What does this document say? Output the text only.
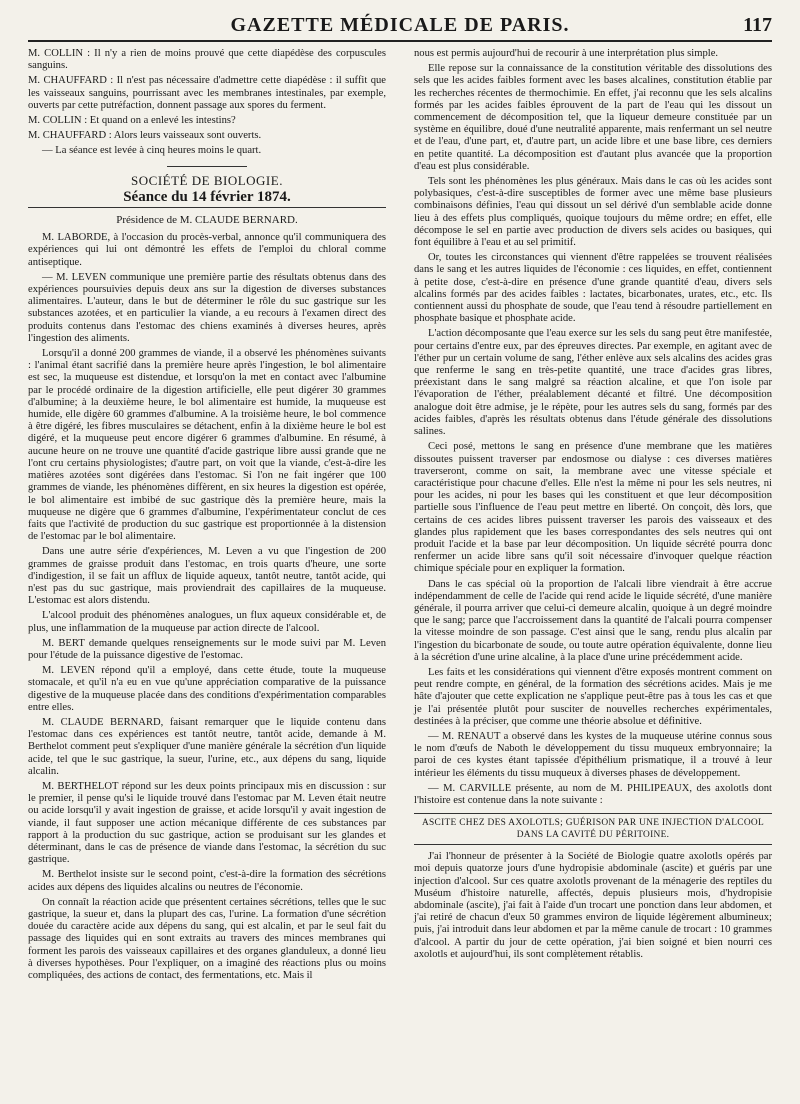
GAZETTE MÉDICALE DE PARIS.	117

M. COLLIN : Il n'y a rien de moins prouvé que cette diapédèse des corpuscules sanguins.

M. CHAUFFARD : Il n'est pas nécessaire d'admettre cette diapédèse : il suffit que les vaisseaux sanguins, pourrissant avec les membranes intestinales, par exemple, ouverts par cette putréfaction, donnent passage aux spores du ferment.

M. COLLIN : Et quand on a enlevé les intestins?

M. CHAUFFARD : Alors leurs vaisseaux sont ouverts.

— La séance est levée à cinq heures moins le quart.

SOCIÉTÉ DE BIOLOGIE.
Séance du 14 février 1874.
Présidence de M. CLAUDE BERNARD.

M. LABORDE, à l'occasion du procès-verbal, annonce qu'il communiquera des expériences qui lui ont démontré les effets de l'emploi du chloral comme antiseptique.

— M. LEVEN communique une première partie des résultats obtenus dans des expériences poursuivies depuis deux ans sur la digestion de diverses substances alimentaires. L'auteur, dans le but de déterminer le rôle du suc gastrique sur les substances azotées, et en particulier la viande, a eu recours à l'examen direct des produits contenus dans l'estomac des chiens examinés à diverses heures, après l'ingestion des aliments.

Lorsqu'il a donné 200 grammes de viande, il a observé les phénomènes suivants : l'animal étant sacrifié dans la première heure après l'ingestion, le bol alimentaire est sec, la muqueuse est distendue, et lorsqu'on la met en contact avec l'albumine par le procédé ordinaire de la digestion artificielle, elle peut digérer 30 grammes d'albumine; à la deuxième heure, le bol alimentaire est humide, la muqueuse est humide, elle digère 60 grammes d'albumine. A la troisième heure, le bol commence à être digéré, les fibres musculaires se détachent, enfin à la dixième heure le bol est digéré, et la muqueuse peut encore digérer 6 grammes d'albumine. En résumé, à aucune heure on ne trouve une quantité d'acide gastrique libre aussi grande que ne l'ont cru certains physiologistes; d'autre part, on voit que la viande, c'est-à-dire les matières azotées sont digérées dans l'estomac. Si l'on ne fait ingérer que 100 grammes de viande, les phénomènes diffèrent, en six heures la digestion est opérée, le bol alimentaire est imbibé de suc gastrique dès la première heure, mais la muqueuse ne digère que 6 grammes d'albumine, l'expérimentateur conclut de ces faits que l'activité de production du suc gastrique est proportionnée à la distension de l'estomac par le bol alimentaire.

Dans une autre série d'expériences, M. Leven a vu que l'ingestion de 200 grammes de graisse produit dans l'estomac, en trois quarts d'heure, une sorte d'indigestion, il se fait un afflux de liquide aqueux, tantôt neutre, tantôt acide, qui n'est pas du suc gastrique, mais proviendrait des capillaires de la muqueuse. L'estomac est alors distendu.

L'alcool produit des phénomènes analogues, un flux aqueux considérable et, de plus, une inflammation de la muqueuse par action directe de l'alcool.

M. BERT demande quelques renseignements sur le mode suivi par M. Leven pour l'étude de la puissance digestive de l'estomac.

M. LEVEN répond qu'il a employé, dans cette étude, toute la muqueuse stomacale, et qu'il n'a eu en vue qu'une appréciation comparative de la puissance digestive de la muqueuse placée dans des conditions d'expérimentation comparables entre elles.

M. CLAUDE BERNARD, faisant remarquer que le liquide contenu dans l'estomac dans ces expériences est tantôt neutre, tantôt acide, demande à M. Berthelot comment peut s'expliquer d'une manière générale la sécrétion d'un liquide acide, tel que le suc gastrique, la sueur, l'urine, etc., aux dépens du sang, liquide alcalin.

M. BERTHELOT répond sur les deux points principaux mis en discussion : sur le premier, il pense qu'si le liquide trouvé dans l'estomac par M. Leven était neutre ou acide lorsqu'il y avait ingestion de graisse, et acide lorsqu'il y avait ingestion de viande, il faut supposer une action mécanique différente de ces substances par rapport à la production du suc gastrique, action se produisant sur les glandes et déterminant, dans le cas de présence de viande dans l'estomac, la sécrétion du suc gastrique.

M. Berthelot insiste sur le second point, c'est-à-dire la formation des sécrétions acides aux dépens des liquides alcalins ou neutres de l'économie.

On connaît la réaction acide que présentent certaines sécrétions, telles que le suc gastrique, la sueur et, dans la plupart des cas, l'urine. La formation d'une sécrétion douée du caractère acide aux dépens du sang, qui est alcalin, et par le seul fait du passage des liquides qui en sont extraits au travers des minces membranes qui forment les parois des vaisseaux capillaires et des organes glanduleux, a donné lieu à diverses hypothèses. Pour l'expliquer, on a imaginé des réactions plus ou moins compliquées, des actions de contact, des fermentations, etc. Mais il

nous est permis aujourd'hui de recourir à une interprétation plus simple.

Elle repose sur la connaissance de la constitution véritable des dissolutions des sels que les acides faibles forment avec les bases alcalines, constitution établie par les recherches récentes de thermochimie. En effet, j'ai reconnu que les sels alcalins formés par les acides faibles éprouvent de la part de l'eau qui les dissout un commencement de décomposition tel, que la liqueur demeure constituée par un système en équilibre, doué d'une neutralité apparente, mais renfermant un sel neutre et de l'eau, d'une part, et, d'autre part, un acide libre et une base libre, ces derniers en petite quantité. La décomposition est d'autant plus avancée que la proportion d'eau est plus considérable.

Tels sont les phénomènes les plus généraux. Mais dans le cas où les acides sont polybasiques, c'est-à-dire susceptibles de former avec une même base plusieurs combinaisons définies, l'eau qui dissout un sel dérivé d'un semblable acide donne lieu à des effets plus compliqués, quoique toujours du même ordre; en effet, elle décompose le sel en partie avec production de divers sels acides ou basiques, qui font équilibre à l'eau et au sel primitif.

Or, toutes les circonstances qui viennent d'être rappelées se trouvent réalisées dans le sang et les autres liquides de l'économie : ces liquides, en effet, contiennent à petite dose, c'est-à-dire en présence d'une grande quantité d'eau, divers sels alcalins formés par des acides faibles : lactates, bicarbonates, urates, etc., etc. Ils contiennent aussi du phosphate de soude, que l'eau tend à résoudre partiellement en phosphate basique et phosphate acide.

L'action décomposante que l'eau exerce sur les sels du sang peut être manifestée, pour certains d'entre eux, par des épreuves directes. Par exemple, en agitant avec de l'éther pur un certain volume de sang, l'éther enlève aux sels alcalins des acides gras que renferme le sang en très-petite quantité, une trace d'acides gras libres, préexistant dans le sang malgré sa réaction alcaline, et que l'on isole par l'évaporation de l'éther, préalablement décanté et filtré. Une décomposition analogue doit être admise, je le répète, pour les autres sels du sang, formés par des acides faibles, d'après les résultats obtenus dans l'étude générale des dissolutions salines.

Ceci posé, mettons le sang en présence d'une membrane que les matières dissoutes puissent traverser par endosmose ou dialyse : ces diverses matières traverseront, comme on sait, la membrane avec une vitesse spéciale et caractéristique pour chacune d'elles. Elle n'est la même ni pour les sels neutres, ni pour les acides, ni pour les bases qui les constituent et que leur décomposition partielle sous l'influence de l'eau peut mettre en liberté. On conçoit, dès lors, que certains de ces acides libres puissent traverser les parois des vaisseaux et des glandes plus rapidement que les bases correspondantes des sels neutres qui ont produit l'acide et la base par leur décomposition. Un liquide sécrété pourra donc renfermer un acide libre sans qu'il soit nécessaire d'invoquer quelque réaction chimique spéciale pour en expliquer la formation.

Dans le cas spécial où la proportion de l'alcali libre viendrait à être accrue indépendamment de celle de l'acide qui rend acide le liquide sécrété, d'une manière générale, il pourra arriver que celui-ci demeure alcalin, quoique à un degré moindre que le sang; parce que l'accroissement dans la quantité de l'alcali pourra compenser la vitesse moindre de son passage. C'est ainsi que le sang, rendu plus alcalin par l'ingestion du bicarbonate de soude, ou toute autre opération équivalente, donne lieu à la sécrétion d'une urine alcaline, à la place d'une urine précédemment acide.

Les faits et les considérations qui viennent d'être exposés montrent comment on peut rendre compte, en général, de la formation des sécrétions acides. Mais je me hâte d'ajouter que cette explication ne s'applique peut-être pas à tous les cas et que je l'ai présentée plutôt pour susciter de nouvelles recherches expérimentales, destinées à la préciser, que comme une théorie absolue et définitive.

— M. RENAUT a observé dans les kystes de la muqueuse utérine connus sous le nom d'œufs de Naboth le développement du tissu muqueux embryonnaire; la paroi de ces kystes étant tapissée d'épithélium prismatique, il a trouvé à leur intérieur les éléments du tissu muqueux à diverses phases de développement.

— M. CARVILLE présente, au nom de M. PHILIPEAUX, des axolotls dont l'histoire est contenue dans la note suivante :

ASCITE CHEZ DES AXOLOTLS; GUÉRISON PAR UNE INJECTION D'ALCOOL DANS LA CAVITÉ DU PÉRITOINE.

J'ai l'honneur de présenter à la Société de Biologie quatre axolotls opérés par moi depuis quatorze jours d'une hydropisie abdominale (ascite) et guéris par une injection d'alcool. Sur ces quatre axolotls provenant de la ménagerie des reptiles du Muséum d'histoire naturelle, affectés, depuis plusieurs mois, d'hydropisie abdominale (ascite), j'ai fait à l'aide d'un trocart une ponction dans leur abdomen, et j'ai retiré de chacun d'eux 50 grammes environ de liquide légèrement albumineux; puis, j'ai introduit dans leur abdomen et par la même canule de trocart : 10 grammes d'alcool. A partir du jour de cette opération, j'ai bien soigné et bien nourri ces axolotls et aujourd'hui, ils sont complètement rétablis.
